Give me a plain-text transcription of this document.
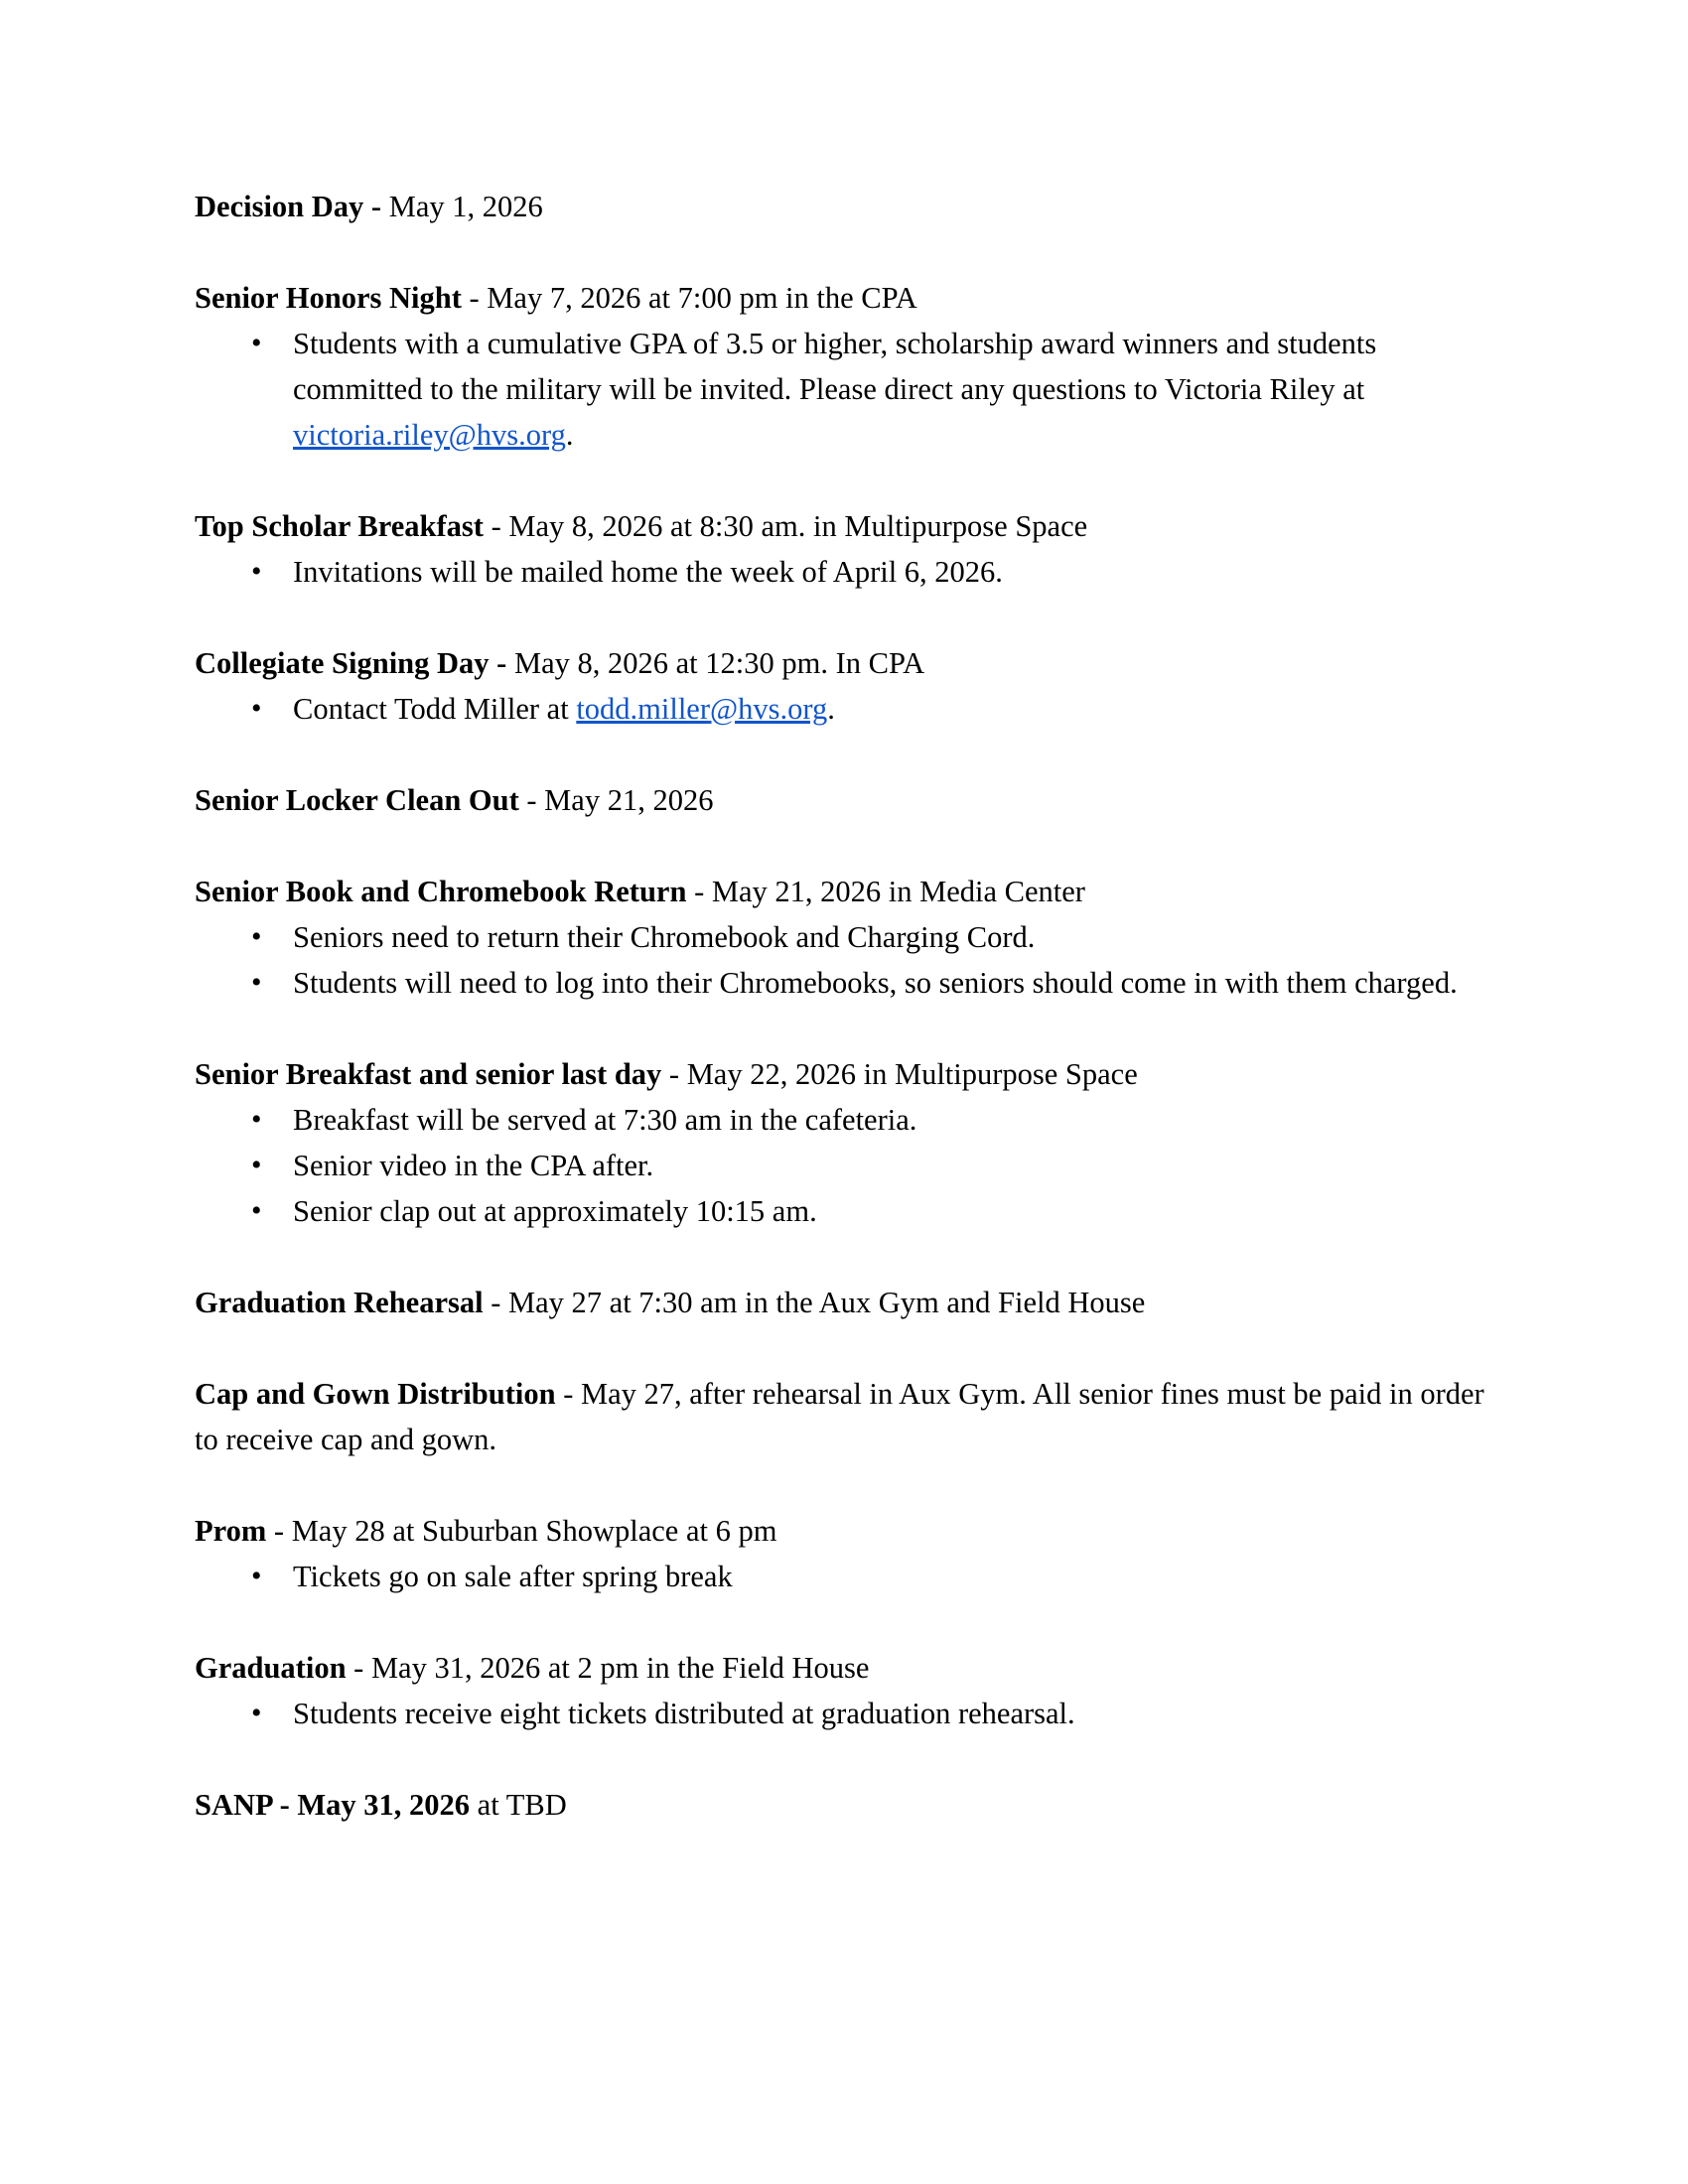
Decision Day - May 1, 2026

Senior Honors Night - May 7, 2026 at 7:00 pm in the CPA

• Students with a cumulative GPA of 3.5 or higher, scholarship award winners and students committed to the military will be invited. Please direct any questions to Victoria Riley at victoria.riley@hvs.org.

Top Scholar Breakfast - May 8, 2026 at 8:30 am. in Multipurpose Space

• Invitations will be mailed home the week of April 6, 2026.

Collegiate Signing Day - May 8, 2026 at 12:30 pm. In CPA

• Contact Todd Miller at todd.miller@hvs.org.

Senior Locker Clean Out - May 21, 2026

Senior Book and Chromebook Return - May 21, 2026 in Media Center

• Seniors need to return their Chromebook and Charging Cord.
• Students will need to log into their Chromebooks, so seniors should come in with them charged.

Senior Breakfast and senior last day - May 22, 2026 in Multipurpose Space

• Breakfast will be served at 7:30 am in the cafeteria.
• Senior video in the CPA after.
• Senior clap out at approximately 10:15 am.

Graduation Rehearsal - May 27 at 7:30 am in the Aux Gym and Field House

Cap and Gown Distribution - May 27, after rehearsal in Aux Gym. All senior fines must be paid in order to receive cap and gown.

Prom - May 28 at Suburban Showplace at 6 pm

• Tickets go on sale after spring break

Graduation - May 31, 2026 at 2 pm in the Field House

• Students receive eight tickets distributed at graduation rehearsal.

SANP - May 31, 2026 at TBD
